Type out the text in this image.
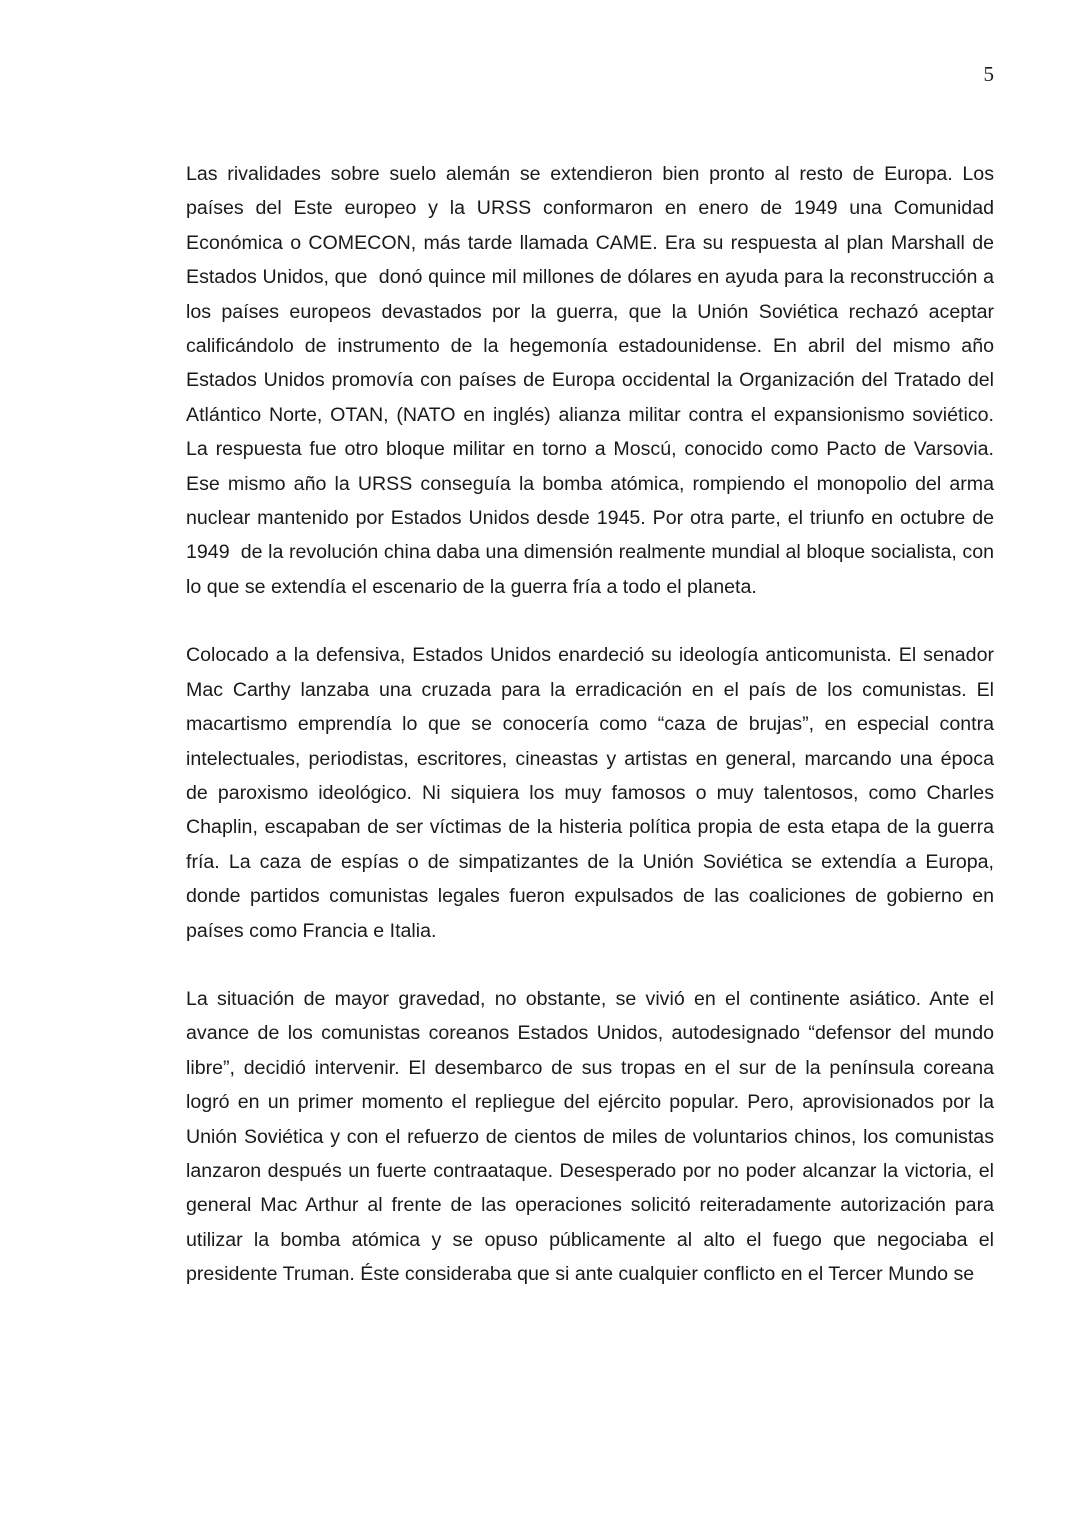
5

Las rivalidades sobre suelo alemán se extendieron bien pronto al resto de Europa. Los países del Este europeo y la URSS conformaron en enero de 1949 una Comunidad Económica o COMECON, más tarde llamada CAME. Era su respuesta al plan Marshall de Estados Unidos, que  donó quince mil millones de dólares en ayuda para la reconstrucción a los países europeos devastados por la guerra, que la Unión Soviética rechazó aceptar calificándolo de instrumento de la hegemonía estadounidense. En abril del mismo año Estados Unidos promovía con países de Europa occidental la Organización del Tratado del Atlántico Norte, OTAN, (NATO en inglés) alianza militar contra el expansionismo soviético. La respuesta fue otro bloque militar en torno a Moscú, conocido como Pacto de Varsovia. Ese mismo año la URSS conseguía la bomba atómica, rompiendo el monopolio del arma nuclear mantenido por Estados Unidos desde 1945. Por otra parte, el triunfo en octubre de 1949  de la revolución china daba una dimensión realmente mundial al bloque socialista, con lo que se extendía el escenario de la guerra fría a todo el planeta.

Colocado a la defensiva, Estados Unidos enardeció su ideología anticomunista. El senador Mac Carthy lanzaba una cruzada para la erradicación en el país de los comunistas. El macartismo emprendía lo que se conocería como “caza de brujas”, en especial contra intelectuales, periodistas, escritores, cineastas y artistas en general, marcando una época de paroxismo ideológico. Ni siquiera los muy famosos o muy talentosos, como Charles Chaplin, escapaban de ser víctimas de la histeria política propia de esta etapa de la guerra fría. La caza de espías o de simpatizantes de la Unión Soviética se extendía a Europa, donde partidos comunistas legales fueron expulsados de las coaliciones de gobierno en países como Francia e Italia.

La situación de mayor gravedad, no obstante, se vivió en el continente asiático. Ante el avance de los comunistas coreanos Estados Unidos, autodesignado “defensor del mundo libre”, decidió intervenir. El desembarco de sus tropas en el sur de la península coreana logró en un primer momento el repliegue del ejército popular. Pero, aprovisionados por la Unión Soviética y con el refuerzo de cientos de miles de voluntarios chinos, los comunistas lanzaron después un fuerte contraataque. Desesperado por no poder alcanzar la victoria, el general Mac Arthur al frente de las operaciones solicitó reiteradamente autorización para utilizar la bomba atómica y se opuso públicamente al alto el fuego que negociaba el presidente Truman. Éste consideraba que si ante cualquier conflicto en el Tercer Mundo se
